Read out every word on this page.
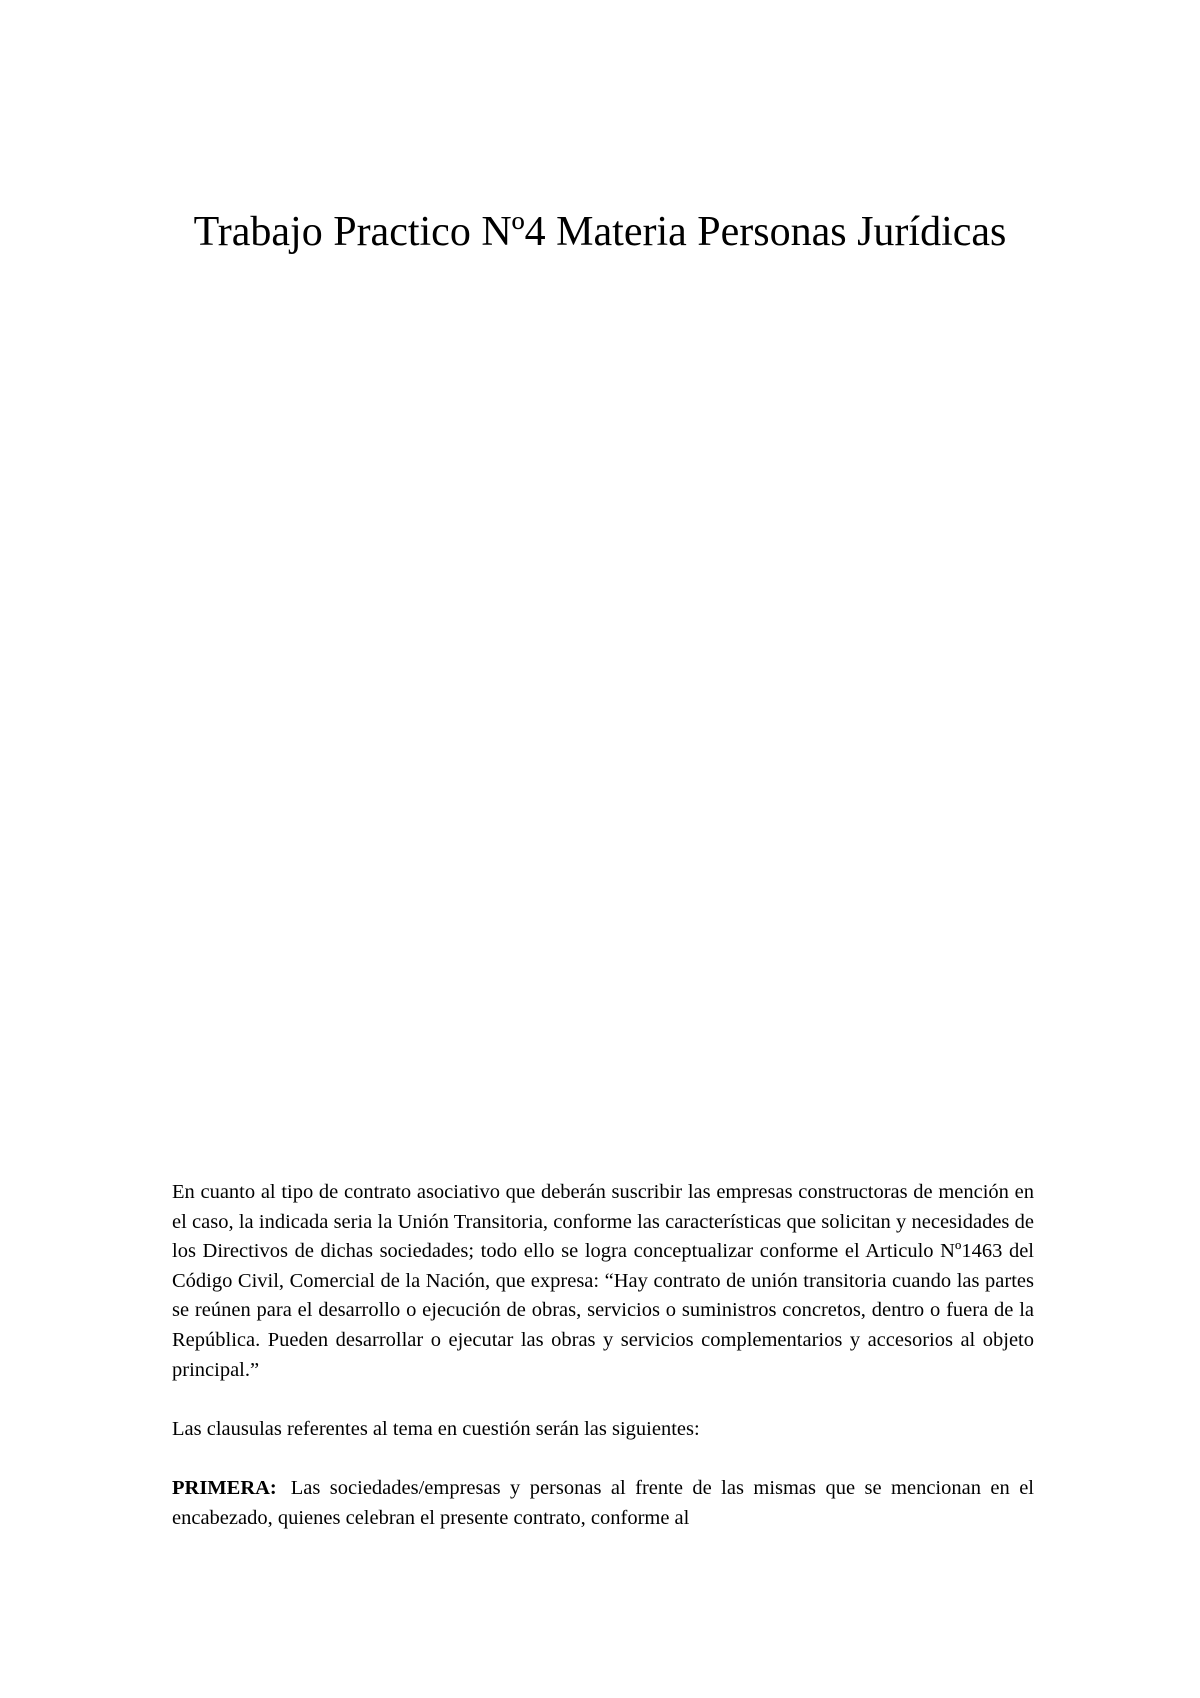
Trabajo Practico Nº4 Materia Personas Jurídicas

En cuanto al tipo de contrato asociativo que deberán suscribir las empresas constructoras de mención en el caso, la indicada seria la Unión Transitoria, conforme las características que solicitan y necesidades de los Directivos de dichas sociedades; todo ello se logra conceptualizar conforme el Articulo Nº1463 del Código Civil, Comercial de la Nación, que expresa: “Hay contrato de unión transitoria cuando las partes se reúnen para el desarrollo o ejecución de obras, servicios o suministros concretos, dentro o fuera de la República. Pueden desarrollar o ejecutar las obras y servicios complementarios y accesorios al objeto principal.”

Las clausulas referentes al tema en cuestión serán las siguientes:

PRIMERA: Las sociedades/empresas y personas al frente de las mismas que se mencionan en el encabezado, quienes celebran el presente contrato, conforme al
